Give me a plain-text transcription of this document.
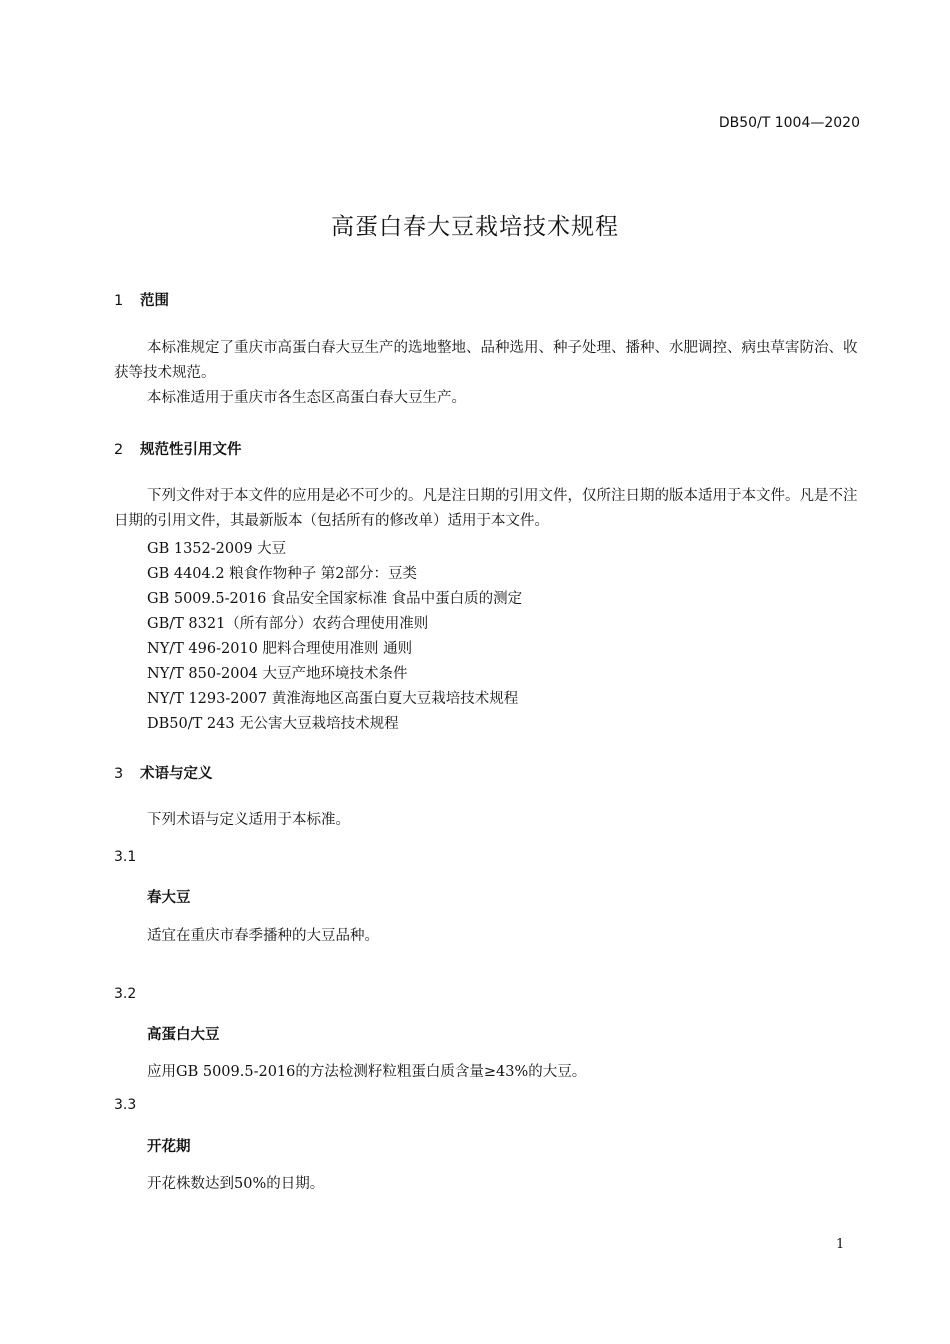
DB50/T 1004—2020
高蛋白春大豆栽培技术规程
1 范围
本标准规定了重庆市高蛋白春大豆生产的选地整地、品种选用、种子处理、播种、水肥调控、病虫草害防治、收获等技术规范。
本标准适用于重庆市各生态区高蛋白春大豆生产。
2 规范性引用文件
下列文件对于本文件的应用是必不可少的。凡是注日期的引用文件，仅所注日期的版本适用于本文件。凡是不注日期的引用文件，其最新版本（包括所有的修改单）适用于本文件。
GB 1352-2009 大豆
GB 4404.2 粮食作物种子 第2部分：豆类
GB 5009.5-2016 食品安全国家标准 食品中蛋白质的测定
GB/T 8321（所有部分）农药合理使用准则
NY/T 496-2010 肥料合理使用准则 通则
NY/T 850-2004 大豆产地环境技术条件
NY/T 1293-2007 黄淮海地区高蛋白夏大豆栽培技术规程
DB50/T 243 无公害大豆栽培技术规程
3 术语与定义
下列术语与定义适用于本标准。
3.1
春大豆
适宜在重庆市春季播种的大豆品种。
3.2
高蛋白大豆
应用GB 5009.5-2016的方法检测籽粒粗蛋白质含量≥43%的大豆。
3.3
开花期
开花株数达到50%的日期。
1
